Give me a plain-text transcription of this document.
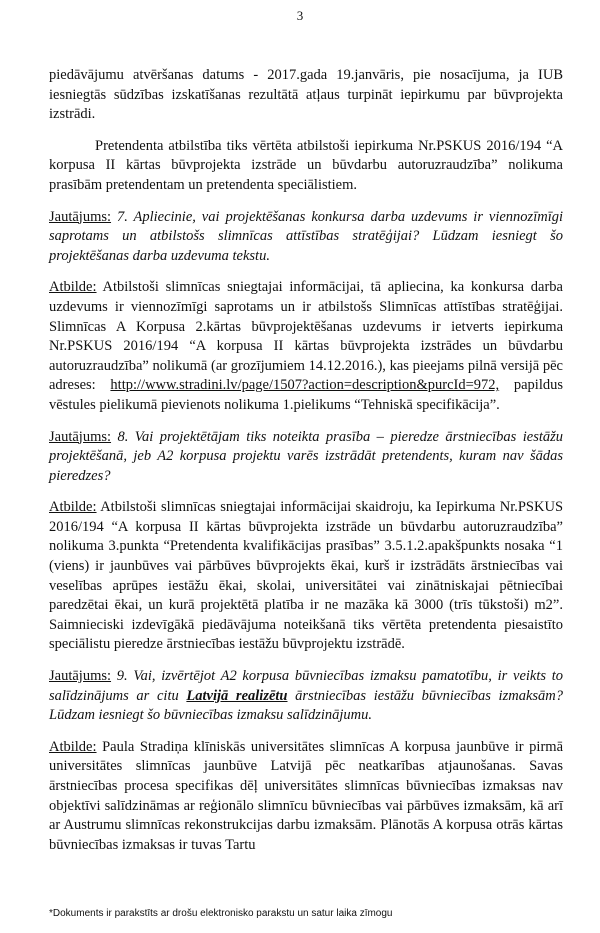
3

piedāvājumu atvēršanas datums - 2017.gada 19.janvāris, pie nosacījuma, ja IUB iesniegtās sūdzības izskatīšanas rezultātā atļaus turpināt iepirkumu par būvprojekta izstrādi.

Pretendenta atbilstība tiks vērtēta atbilstoši iepirkuma Nr.PSKUS 2016/194 “A korpusa II kārtas būvprojekta izstrāde un būvdarbu autoruzraudzība” nolikuma prasībām pretendentam un pretendenta speciālistiem.

Jautājums: 7. Apliecinie, vai projektēšanas konkursa darba uzdevums ir viennozīmīgi saprotams un atbilstošs slimnīcas attīstības stratēģijai? Lūdzam iesniegt šo projektēšanas darba uzdevuma tekstu.

Atbilde: Atbilstoši slimnīcas sniegtajai informācijai, tā apliecina, ka konkursa darba uzdevums ir viennozīmīgi saprotams un ir atbilstošs Slimnīcas attīstības stratēģijai. Slimnīcas A Korpusa 2.kārtas būvprojektēšanas uzdevums ir ietverts iepirkuma Nr.PSKUS 2016/194 “A korpusa II kārtas būvprojekta izstrādes un būvdarbu autoruzraudzība” nolikumā (ar grozījumiem 14.12.2016.), kas pieejams pilnā versijā pēc adreses: http://www.stradini.lv/page/1507?action=description&purcId=972, papildus vēstules pielikumā pievienots nolikuma 1.pielikums “Tehniskā specifikācija”.

Jautājums: 8. Vai projektētājam tiks noteikta prasība – pieredze ārstniecības iestāžu projektēšanā, jeb A2 korpusa projektu varēs izstrādāt pretendents, kuram nav šādas pieredzes?

Atbilde: Atbilstoši slimnīcas sniegtajai informācijai skaidroju, ka Iepirkuma Nr.PSKUS 2016/194 “A korpusa II kārtas būvprojekta izstrāde un būvdarbu autoruzraudzība” nolikuma 3.punkta “Pretendenta kvalifikācijas prasības” 3.5.1.2.apakšpunkts nosaka “1 (viens) ir jaunbūves vai pārbūves būvprojekts ēkai, kurš ir izstrādāts ārstniecības vai veselības aprūpes iestāžu ēkai, skolai, universitātei vai zinātniskajai pētniecībai paredzētai ēkai, un kurā projektētā platība ir ne mazāka kā 3000 (trīs tūkstoši) m2”. Saimnieciski izdevīgākā piedāvājuma noteikšanā tiks vērtēta pretendenta piesaistīto speciālistu pieredze ārstniecības iestāžu būvprojektu izstrādē.

Jautājums: 9. Vai, izvērtējot A2 korpusa būvniecības izmaksu pamatotību, ir veikts to salīdzinājums ar citu Latvijā realizētu ārstniecības iestāžu būvniecības izmaksām? Lūdzam iesniegt šo būvniecības izmaksu salīdzinājumu.

Atbilde: Paula Stradiņa klīniskās universitātes slimnīcas A korpusa jaunbūve ir pirmā universitātes slimnīcas jaunbūve Latvijā pēc neatkarības atjaunošanas. Savas ārstniecības procesa specifikas dēļ universitātes slimnīcas būvniecības izmaksas nav objektīvi salīdzināmas ar reģionālo slimnīcu būvniecības vai pārbūves izmaksām, kā arī ar Austrumu slimnīcas rekonstrukcijas darbu izmaksām. Plānotās A korpusa otrās kārtas būvniecības izmaksas ir tuvas Tartu

*Dokuments ir parakstīts ar drošu elektronisko parakstu un satur laika zīmogu
